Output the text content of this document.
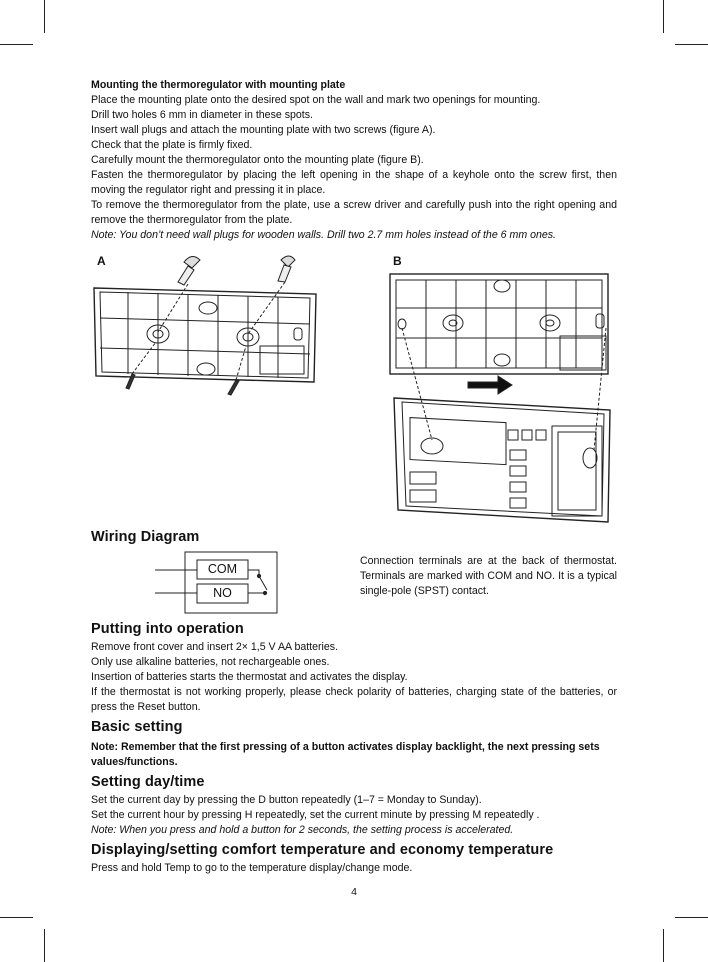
Mounting the thermoregulator with mounting plate

Place the mounting plate onto the desired spot on the wall and mark two openings for mounting.

Drill two holes 6 mm in diameter in these spots.

Insert wall plugs and attach the mounting plate with two screws (figure A).

Check that the plate is firmly fixed.

Carefully mount the thermoregulator onto the mounting plate (figure B).

Fasten the thermoregulator by placing the left opening in the shape of a keyhole onto the screw first, then moving the regulator right and pressing it in place.

To remove the thermoregulator from the plate, use a screw driver and carefully push into the right opening and remove the thermoregulator from the plate.

Note: You don’t need wall plugs for wooden walls. Drill two 2.7 mm holes instead of the 6 mm ones.

A	B
Wiring Diagram
COM
NO

Connection terminals are at the back of thermostat. Terminals are marked with COM and NO. It is a typical single-pole (SPST) contact.

Putting into operation

Remove front cover and insert 2× 1,5 V AA batteries.

Only use alkaline batteries, not rechargeable ones.

Insertion of batteries starts the thermostat and activates the display.

If the thermostat is not working properly, please check polarity of batteries, charging state of the batteries, or press the Reset button.

Basic setting

Note: Remember that the first pressing of a button activates display backlight, the next pressing sets values/functions.

Setting day/time

Set the current day by pressing the D button repeatedly (1–7 = Monday to Sunday).

Set the current hour by pressing H repeatedly, set the current minute by pressing M repeatedly .

Note: When you press and hold a button for 2 seconds, the setting process is accelerated.

Displaying/setting comfort temperature and economy temperature

Press and hold Temp to go to the temperature display/change mode.

4
